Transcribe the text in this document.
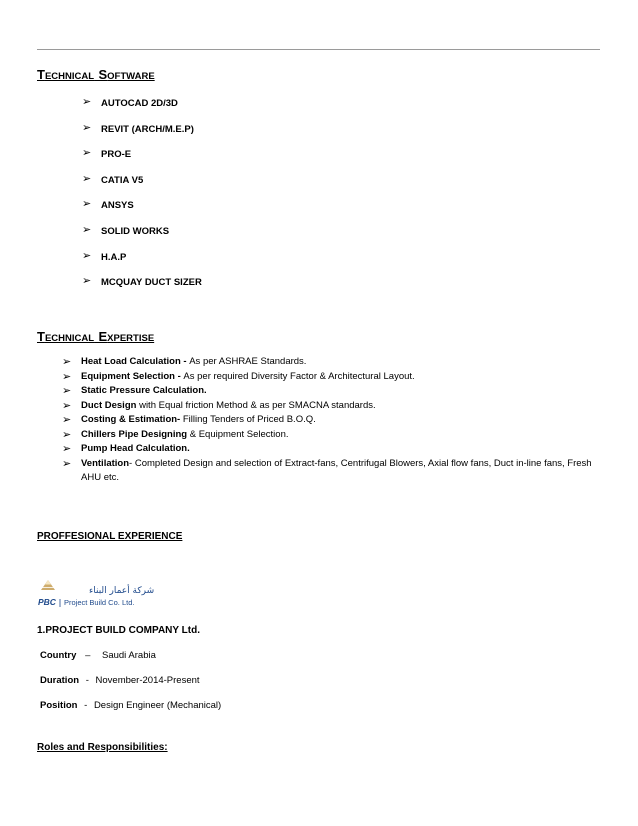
TECHNICAL SOFTWARE
➢	AUTOCAD 2D/3D
➢	REVIT (ARCH/M.E.P)
➢	PRO-E
➢	CATIA V5
➢	ANSYS
➢	SOLID WORKS
➢	H.A.P
➢	MCQUAY DUCT SIZER
TECHNICAL EXPERTISE
➢	Heat Load Calculation - As per ASHRAE Standards.
➢	Equipment Selection - As per required Diversity Factor & Architectural Layout.
➢	Static Pressure Calculation.
➢	Duct Design with Equal friction Method & as per SMACNA standards.
➢	Costing & Estimation- Filling Tenders of Priced B.O.Q.
➢	Chillers Pipe Designing & Equipment Selection.
➢	Pump Head Calculation.
➢	Ventilation- Completed Design and selection of Extract-fans, Centrifugal Blowers, Axial flow fans, Duct in-line fans, Fresh AHU etc.
PROFFESIONAL EXPERIENCE
شركة أعمار البناء
PBC Project Build Co. Ltd.
1.PROJECT BUILD COMPANY Ltd.
Country – Saudi Arabia
Duration - November-2014-Present
Position - Design Engineer (Mechanical)
Roles and Responsibilities:
